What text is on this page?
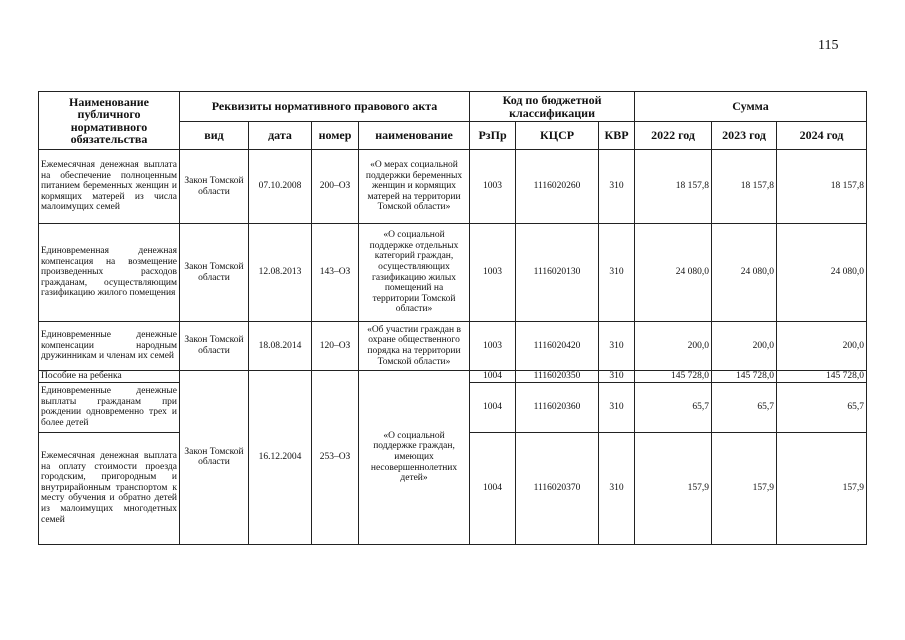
115
Наименование публичного нормативного обязательства	Реквизиты нормативного правового акта				Код по бюджетной классификации			Сумма		
	вид	дата	номер	наименование	РзПр	КЦСР	КВР	2022 год	2023 год	2024 год
Ежемесячная денежная выплата на обеспечение полноценным питанием беременных женщин и кормящих матерей из числа малоимущих семей	Закон Томской области	07.10.2008	200–ОЗ	«О мерах социальной поддержки беременных женщин и кормящих матерей на территории Томской области»	1003	1116020260	310	18 157,8	18 157,8	18 157,8
Единовременная денежная компенсация на возмещение произведенных расходов гражданам, осуществляющим газификацию жилого помещения	Закон Томской области	12.08.2013	143–ОЗ	«О социальной поддержке отдельных категорий граждан, осуществляющих газификацию жилых помещений на территории Томской области»	1003	1116020130	310	24 080,0	24 080,0	24 080,0
Единовременные денежные компенсации народным дружинникам и членам их семей	Закон Томской области	18.08.2014	120–ОЗ	«Об участии граждан в охране общественного порядка на территории Томской области»	1003	1116020420	310	200,0	200,0	200,0
Пособие на ребенка	Закон Томской области	16.12.2004	253–ОЗ	«О социальной поддержке граждан, имеющих несовершеннолетних детей»	1004	1116020350	310	145 728,0	145 728,0	145 728,0
Единовременные денежные выплаты гражданам при рождении одновременно трех и более детей					1004	1116020360	310	65,7	65,7	65,7
Ежемесячная денежная выплата на оплату стоимости проезда городским, пригородным и внутрирайонным транспортом к месту обучения и обратно детей из малоимущих многодетных семей					1004	1116020370	310	157,9	157,9	157,9
